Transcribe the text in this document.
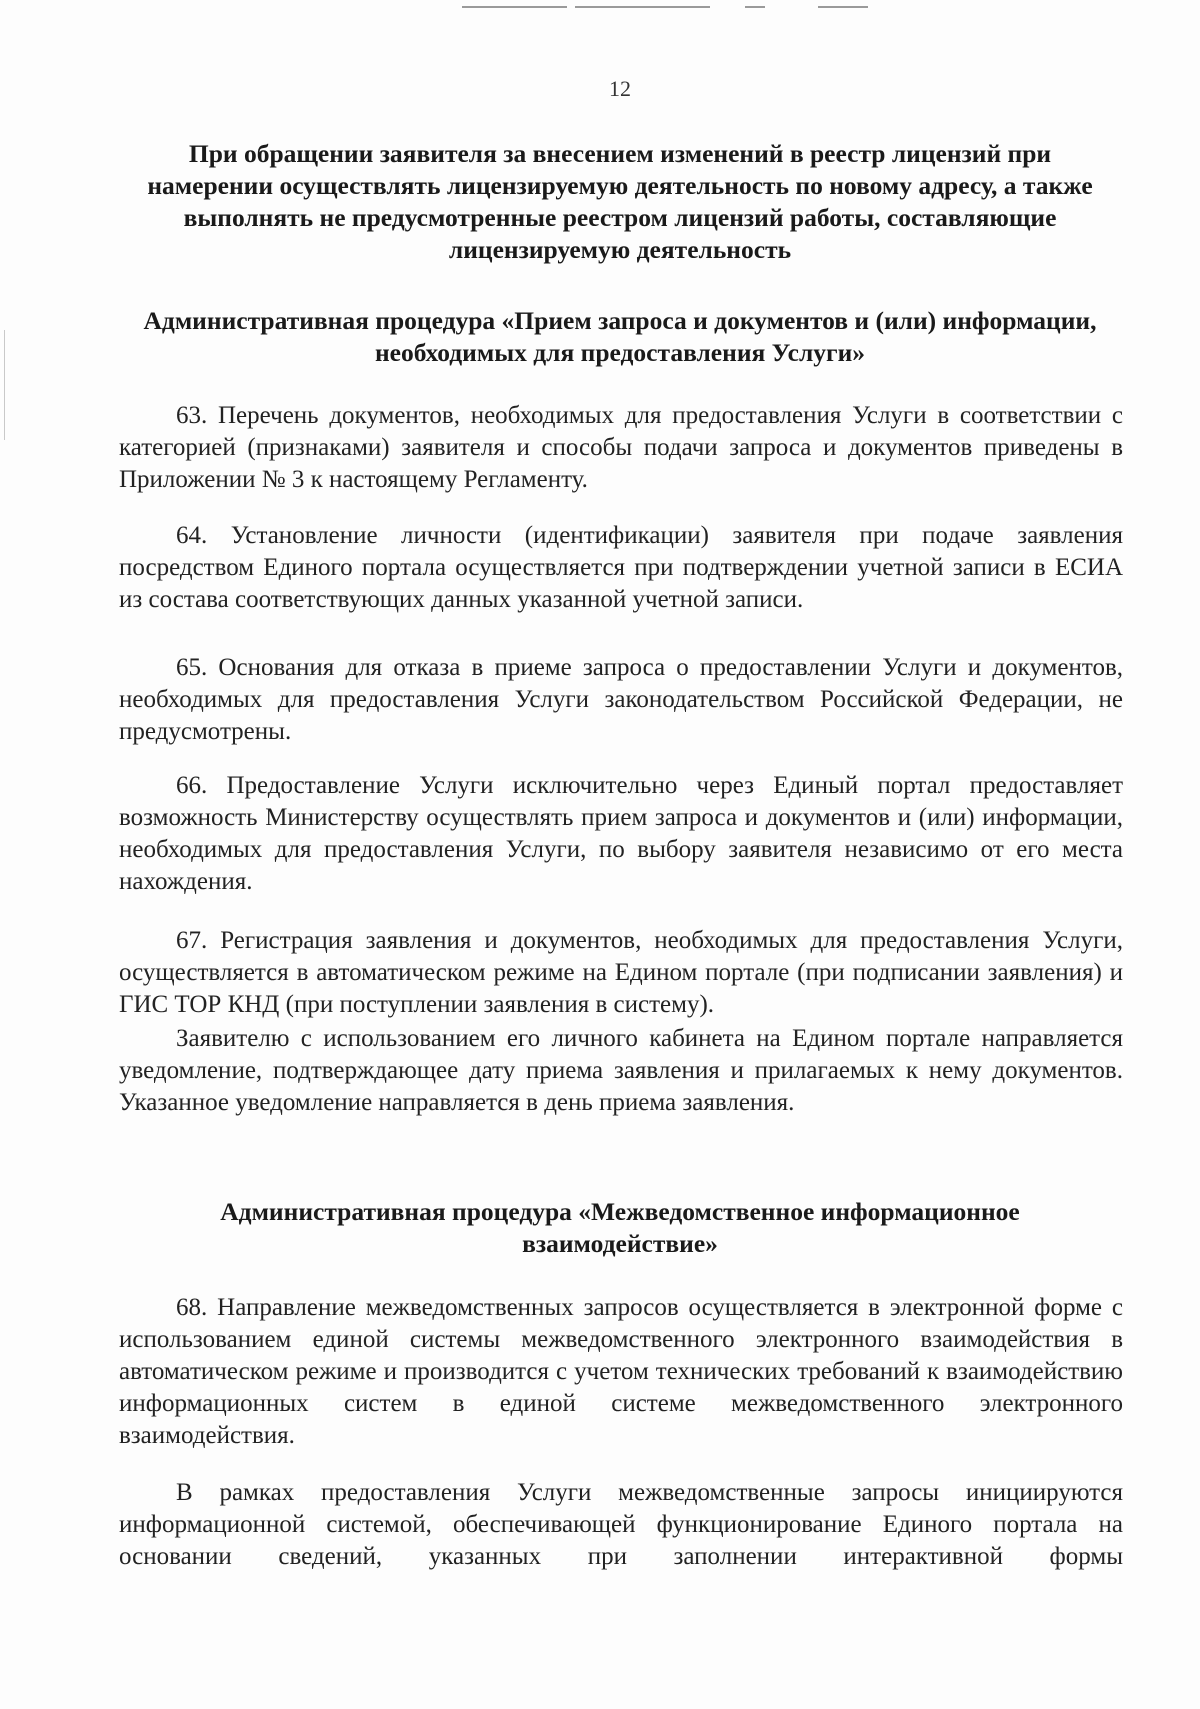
12
При обращении заявителя за внесением изменений в реестр лицензий при намерении осуществлять лицензируемую деятельность по новому адресу, а также выполнять не предусмотренные реестром лицензий работы, составляющие лицензируемую деятельность
Административная процедура «Прием запроса и документов и (или) информации, необходимых для предоставления Услуги»

63. Перечень документов, необходимых для предоставления Услуги в соответствии с категорией (признаками) заявителя и способы подачи запроса и документов приведены в Приложении № 3 к настоящему Регламенту.

64. Установление личности (идентификации) заявителя при подаче заявления посредством Единого портала осуществляется при подтверждении учетной записи в ЕСИА из состава соответствующих данных указанной учетной записи.

65. Основания для отказа в приеме запроса о предоставлении Услуги и документов, необходимых для предоставления Услуги законодательством Российской Федерации, не предусмотрены.

66. Предоставление Услуги исключительно через Единый портал предоставляет возможность Министерству осуществлять прием запроса и документов и (или) информации, необходимых для предоставления Услуги, по выбору заявителя независимо от его места нахождения.

67. Регистрация заявления и документов, необходимых для предоставления Услуги, осуществляется в автоматическом режиме на Едином портале (при подписании заявления) и ГИС ТОР КНД (при поступлении заявления в систему).

Заявителю с использованием его личного кабинета на Едином портале направляется уведомление, подтверждающее дату приема заявления и прилагаемых к нему документов. Указанное уведомление направляется в день приема заявления.

Административная процедура «Межведомственное информационное взаимодействие»

68. Направление межведомственных запросов осуществляется в электронной форме с использованием единой системы межведомственного электронного взаимодействия в автоматическом режиме и производится с учетом технических требований к взаимодействию информационных систем в единой системе межведомственного электронного взаимодействия.

В рамках предоставления Услуги межведомственные запросы инициируются информационной системой, обеспечивающей функционирование Единого портала на основании сведений, указанных при заполнении интерактивной формы
